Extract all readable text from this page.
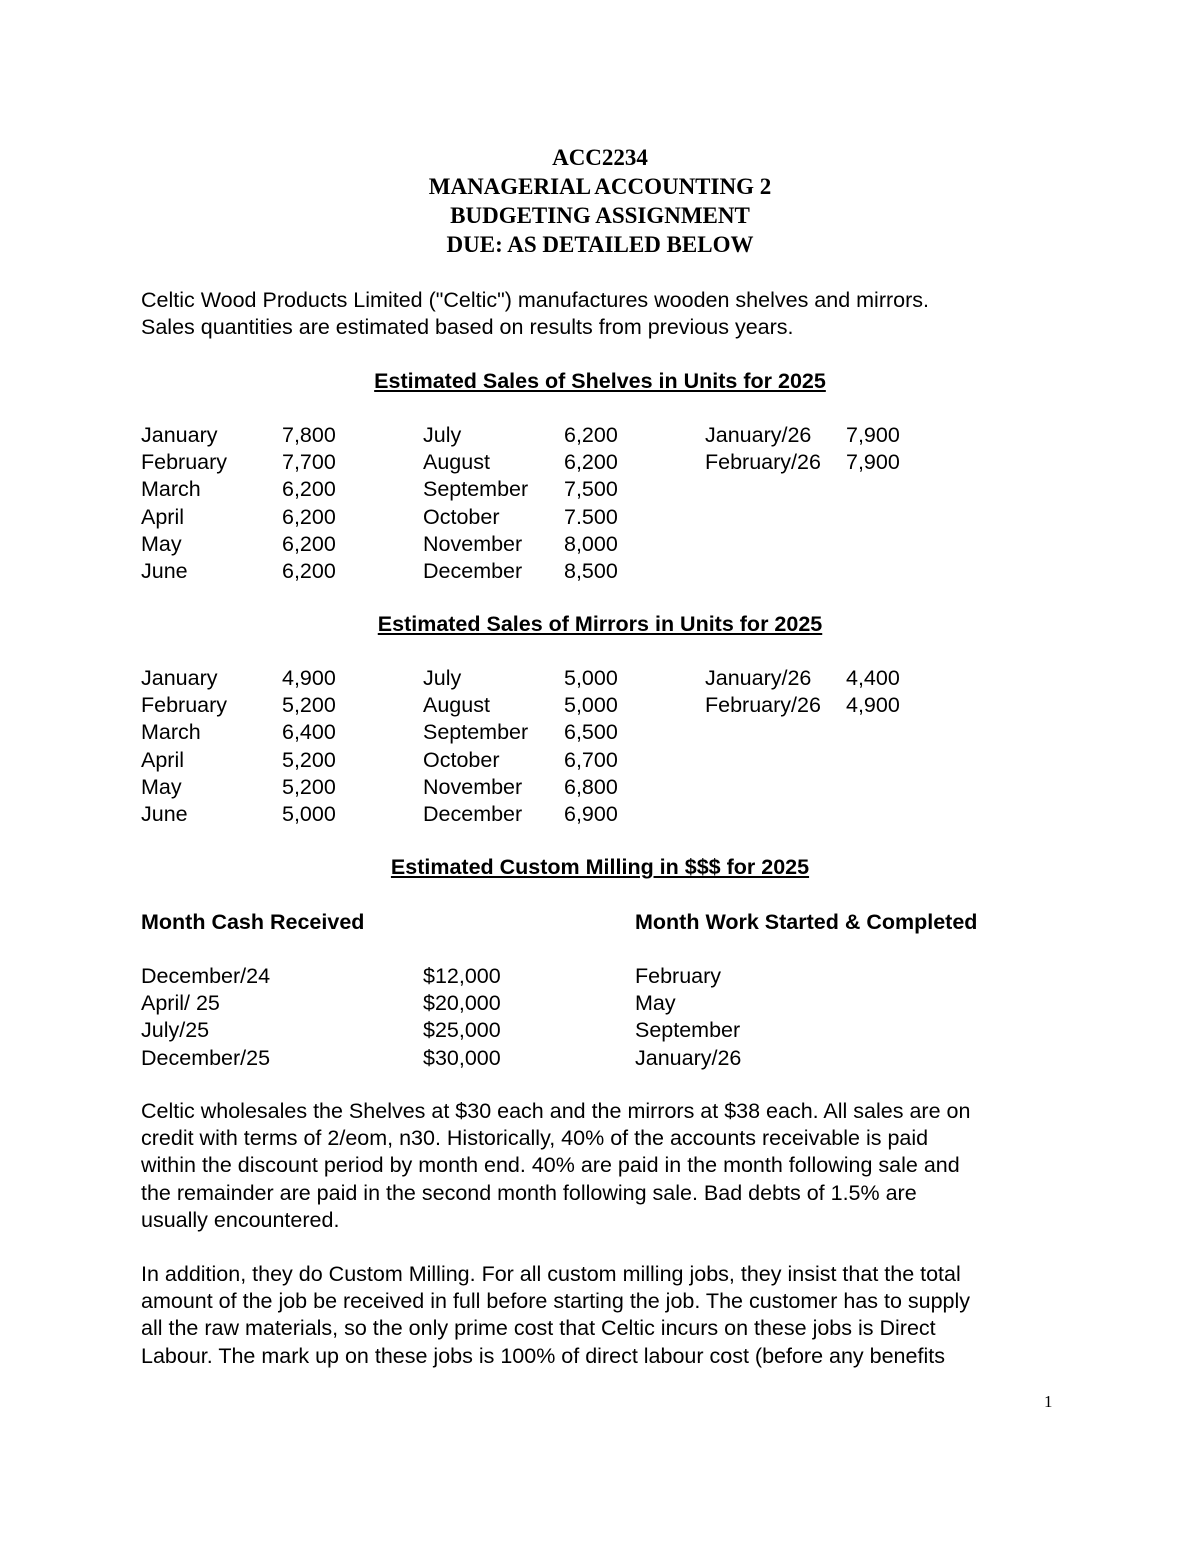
ACC2234
MANAGERIAL ACCOUNTING 2
BUDGETING ASSIGNMENT
DUE: AS DETAILED BELOW
Celtic Wood Products Limited ("Celtic") manufactures wooden shelves and mirrors.
Sales quantities are estimated based on results from previous years.
Estimated Sales of Shelves in Units for 2025
January	7,800	July	6,200	January/26 7,900
February	7,700	August	6,200	February/26 7,900
March	6,200	September 7,500
April	6,200	October	7.500
May	6,200	November 8,000
June	6,200	December 8,500
Estimated Sales of Mirrors in Units for 2025
January	4,900	July	5,000	January/26 4,400
February	5,200	August	5,000	February/26 4,900
March	6,400	September 6,500
April	5,200	October	6,700
May	5,200	November 6,800
June	5,000	December 6,900
Estimated Custom Milling in $$$ for 2025
Month Cash Received	Month Work Started & Completed
December/24	$12,000	February
April/ 25	$20,000	May
July/25	$25,000	September
December/25	$30,000	January/26
Celtic wholesales the Shelves at $30 each and the mirrors at $38 each. All sales are on
credit with terms of 2/eom, n30. Historically, 40% of the accounts receivable is paid
within the discount period by month end. 40% are paid in the month following sale and
the remainder are paid in the second month following sale. Bad debts of 1.5% are
usually encountered.
In addition, they do Custom Milling. For all custom milling jobs, they insist that the total
amount of the job be received in full before starting the job. The customer has to supply
all the raw materials, so the only prime cost that Celtic incurs on these jobs is Direct
Labour. The mark up on these jobs is 100% of direct labour cost (before any benefits
1
